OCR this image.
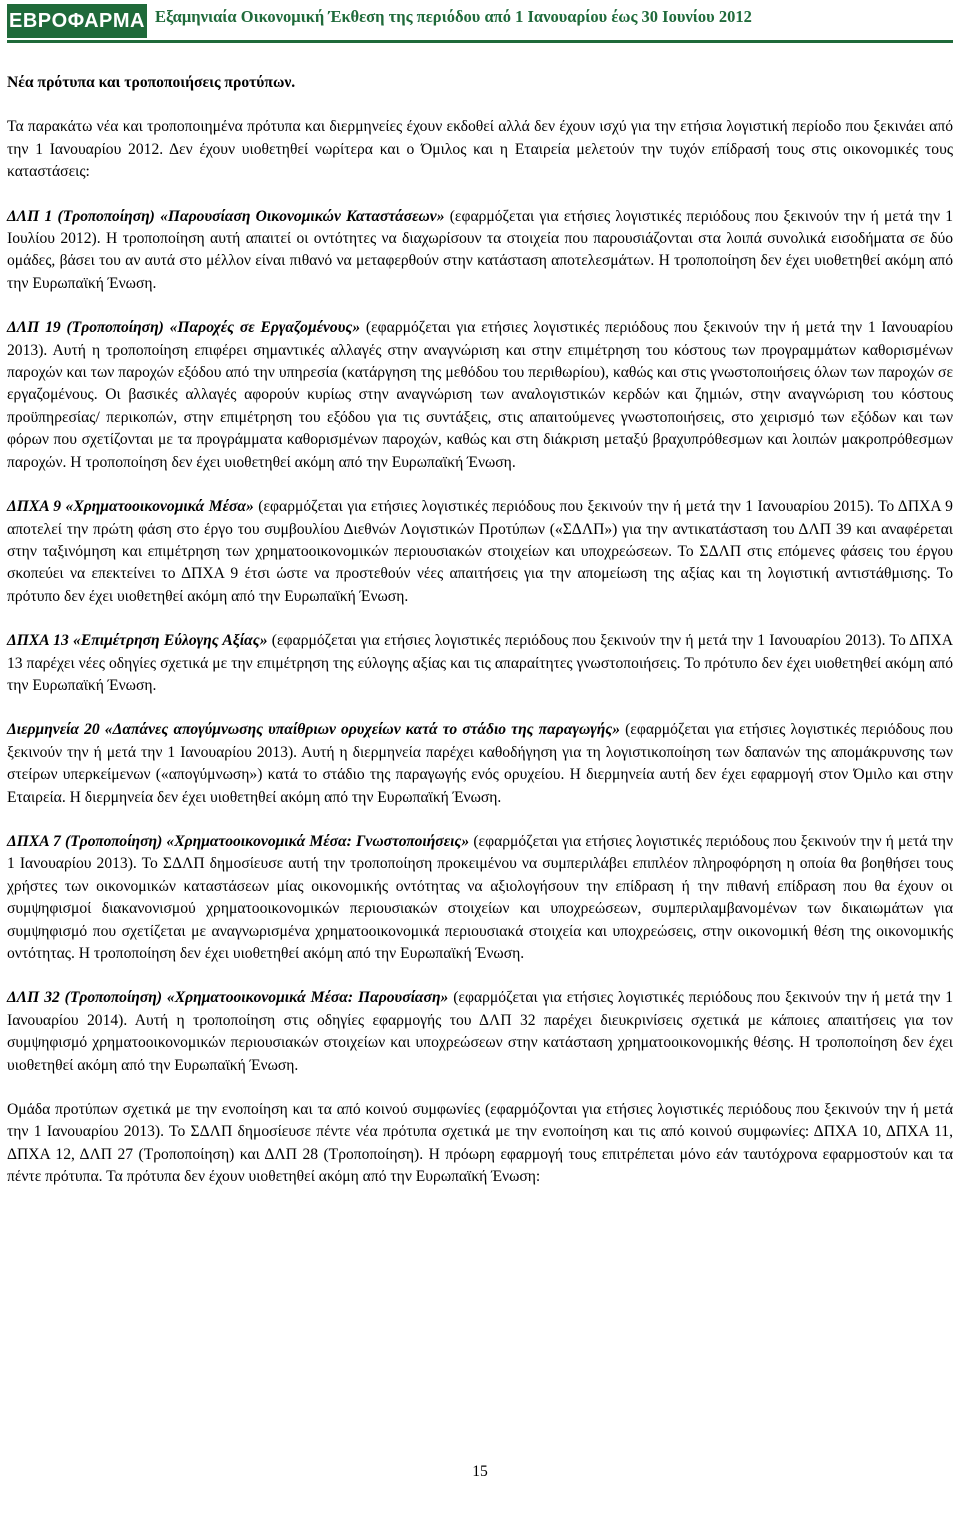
ΕΒΡΟΦΑΡΜΑ Εξαμηνιαία Οικονομική Έκθεση της περιόδου από 1 Ιανουαρίου έως 30 Ιουνίου 2012
Νέα πρότυπα και τροποποιήσεις προτύπων.

Τα παρακάτω νέα και τροποποιημένα πρότυπα και διερμηνείες έχουν εκδοθεί αλλά δεν έχουν ισχύ για την ετήσια λογιστική περίοδο που ξεκινάει από την 1 Ιανουαρίου 2012. Δεν έχουν υιοθετηθεί νωρίτερα και ο Όμιλος και η Εταιρεία μελετούν την τυχόν επίδρασή τους στις οικονομικές τους καταστάσεις:

ΔΛΠ 1 (Τροποποίηση) «Παρουσίαση Οικονομικών Καταστάσεων» (εφαρμόζεται για ετήσιες λογιστικές περιόδους που ξεκινούν την ή μετά την 1 Ιουλίου 2012). Η τροποποίηση αυτή απαιτεί οι οντότητες να διαχωρίσουν τα στοιχεία που παρουσιάζονται στα λοιπά συνολικά εισοδήματα σε δύο ομάδες, βάσει του αν αυτά στο μέλλον είναι πιθανό να μεταφερθούν στην κατάσταση αποτελεσμάτων. Η τροποποίηση δεν έχει υιοθετηθεί ακόμη από την Ευρωπαϊκή Ένωση.

ΔΛΠ 19 (Τροποποίηση) «Παροχές σε Εργαζομένους» (εφαρμόζεται για ετήσιες λογιστικές περιόδους που ξεκινούν την ή μετά την 1 Ιανουαρίου 2013). Αυτή η τροποποίηση επιφέρει σημαντικές αλλαγές στην αναγνώριση και στην επιμέτρηση του κόστους των προγραμμάτων καθορισμένων παροχών και των παροχών εξόδου από την υπηρεσία (κατάργηση της μεθόδου του περιθωρίου), καθώς και στις γνωστοποιήσεις όλων των παροχών σε εργαζομένους. Οι βασικές αλλαγές αφορούν κυρίως στην αναγνώριση των αναλογιστικών κερδών και ζημιών, στην αναγνώριση του κόστους προϋπηρεσίας/ περικοπών, στην επιμέτρηση του εξόδου για τις συντάξεις, στις απαιτούμενες γνωστοποιήσεις, στο χειρισμό των εξόδων και των φόρων που σχετίζονται με τα προγράμματα καθορισμένων παροχών, καθώς και στη διάκριση μεταξύ βραχυπρόθεσμων και λοιπών μακροπρόθεσμων παροχών. Η τροποποίηση δεν έχει υιοθετηθεί ακόμη από την Ευρωπαϊκή Ένωση.

ΔΠΧΑ 9 «Χρηματοοικονομικά Μέσα» (εφαρμόζεται για ετήσιες λογιστικές περιόδους που ξεκινούν την ή μετά την 1 Ιανουαρίου 2015). Το ΔΠΧΑ 9 αποτελεί την πρώτη φάση στο έργο του συμβουλίου Διεθνών Λογιστικών Προτύπων («ΣΔΛΠ») για την αντικατάσταση του ΔΛΠ 39 και αναφέρεται στην ταξινόμηση και επιμέτρηση των χρηματοοικονομικών περιουσιακών στοιχείων και υποχρεώσεων. Το ΣΔΛΠ στις επόμενες φάσεις του έργου σκοπεύει να επεκτείνει το ΔΠΧΑ 9 έτσι ώστε να προστεθούν νέες απαιτήσεις για την απομείωση της αξίας και τη λογιστική αντιστάθμισης. Το πρότυπο δεν έχει υιοθετηθεί ακόμη από την Ευρωπαϊκή Ένωση.

ΔΠΧΑ 13 «Επιμέτρηση Εύλογης Αξίας» (εφαρμόζεται για ετήσιες λογιστικές περιόδους που ξεκινούν την ή μετά την 1 Ιανουαρίου 2013). Το ΔΠΧΑ 13 παρέχει νέες οδηγίες σχετικά με την επιμέτρηση της εύλογης αξίας και τις απαραίτητες γνωστοποιήσεις. Το πρότυπο δεν έχει υιοθετηθεί ακόμη από την Ευρωπαϊκή Ένωση.

Διερμηνεία 20 «Δαπάνες απογύμνωσης υπαίθριων ορυχείων κατά το στάδιο της παραγωγής» (εφαρμόζεται για ετήσιες λογιστικές περιόδους που ξεκινούν την ή μετά την 1 Ιανουαρίου 2013). Αυτή η διερμηνεία παρέχει καθοδήγηση για τη λογιστικοποίηση των δαπανών της απομάκρυνσης των στείρων υπερκείμενων («απογύμνωση») κατά το στάδιο της παραγωγής ενός ορυχείου. Η διερμηνεία αυτή δεν έχει εφαρμογή στον Όμιλο και στην Εταιρεία. Η διερμηνεία δεν έχει υιοθετηθεί ακόμη από την Ευρωπαϊκή Ένωση.

ΔΠΧΑ 7 (Τροποποίηση) «Χρηματοοικονομικά Μέσα: Γνωστοποιήσεις» (εφαρμόζεται για ετήσιες λογιστικές περιόδους που ξεκινούν την ή μετά την 1 Ιανουαρίου 2013). Το ΣΔΛΠ δημοσίευσε αυτή την τροποποίηση προκειμένου να συμπεριλάβει επιπλέον πληροφόρηση η οποία θα βοηθήσει τους χρήστες των οικονομικών καταστάσεων μίας οικονομικής οντότητας να αξιολογήσουν την επίδραση ή την πιθανή επίδραση που θα έχουν οι συμψηφισμοί διακανονισμού χρηματοοικονομικών περιουσιακών στοιχείων και υποχρεώσεων, συμπεριλαμβανομένων των δικαιωμάτων για συμψηφισμό που σχετίζεται με αναγνωρισμένα χρηματοοικονομικά περιουσιακά στοιχεία και υποχρεώσεις, στην οικονομική θέση της οικονομικής οντότητας. Η τροποποίηση δεν έχει υιοθετηθεί ακόμη από την Ευρωπαϊκή Ένωση.

ΔΛΠ 32 (Τροποποίηση) «Χρηματοοικονομικά Μέσα: Παρουσίαση» (εφαρμόζεται για ετήσιες λογιστικές περιόδους που ξεκινούν την ή μετά την 1 Ιανουαρίου 2014). Αυτή η τροποποίηση στις οδηγίες εφαρμογής του ΔΛΠ 32 παρέχει διευκρινίσεις σχετικά με κάποιες απαιτήσεις για τον συμψηφισμό χρηματοοικονομικών περιουσιακών στοιχείων και υποχρεώσεων στην κατάσταση χρηματοοικονομικής θέσης. Η τροποποίηση δεν έχει υιοθετηθεί ακόμη από την Ευρωπαϊκή Ένωση.

Ομάδα προτύπων σχετικά με την ενοποίηση και τα από κοινού συμφωνίες (εφαρμόζονται για ετήσιες λογιστικές περιόδους που ξεκινούν την ή μετά την 1 Ιανουαρίου 2013). Το ΣΔΛΠ δημοσίευσε πέντε νέα πρότυπα σχετικά με την ενοποίηση και τις από κοινού συμφωνίες: ΔΠΧΑ 10, ΔΠΧΑ 11, ΔΠΧΑ 12, ΔΛΠ 27 (Τροποποίηση) και ΔΛΠ 28 (Τροποποίηση). Η πρόωρη εφαρμογή τους επιτρέπεται μόνο εάν ταυτόχρονα εφαρμοστούν και τα πέντε πρότυπα. Τα πρότυπα δεν έχουν υιοθετηθεί ακόμη από την Ευρωπαϊκή Ένωση:

15
